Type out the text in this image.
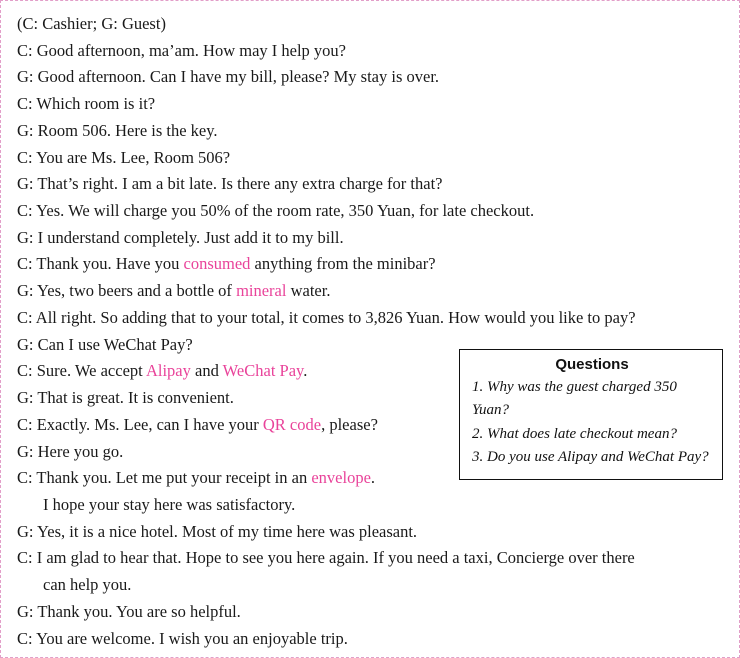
Questions
1. Why was the guest charged 350 Yuan?
2. What does late checkout mean?
3. Do you use Alipay and WeChat Pay?

(C: Cashier; G: Guest)

C: Good afternoon, ma’am. How may I help you?

G: Good afternoon. Can I have my bill, please? My stay is over.

C: Which room is it?

G: Room 506. Here is the key.

C: You are Ms. Lee, Room 506?

G: That’s right. I am a bit late. Is there any extra charge for that?

C: Yes. We will charge you 50% of the room rate, 350 Yuan, for late checkout.

G: I understand completely. Just add it to my bill.

C: Thank you. Have you consumed anything from the minibar?

G: Yes, two beers and a bottle of mineral water.

C: All right. So adding that to your total, it comes to 3,826 Yuan. How would you like to pay?

G: Can I use WeChat Pay?

C: Sure. We accept Alipay and WeChat Pay.

G: That is great. It is convenient.

C: Exactly. Ms. Lee, can I have your QR code, please?

G: Here you go.

C: Thank you. Let me put your receipt in an envelope.

I hope your stay here was satisfactory.

G: Yes, it is a nice hotel. Most of my time here was pleasant.

C: I am glad to hear that. Hope to see you here again. If you need a taxi, Concierge over there

can help you.

G: Thank you. You are so helpful.

C: You are welcome. I wish you an enjoyable trip.
